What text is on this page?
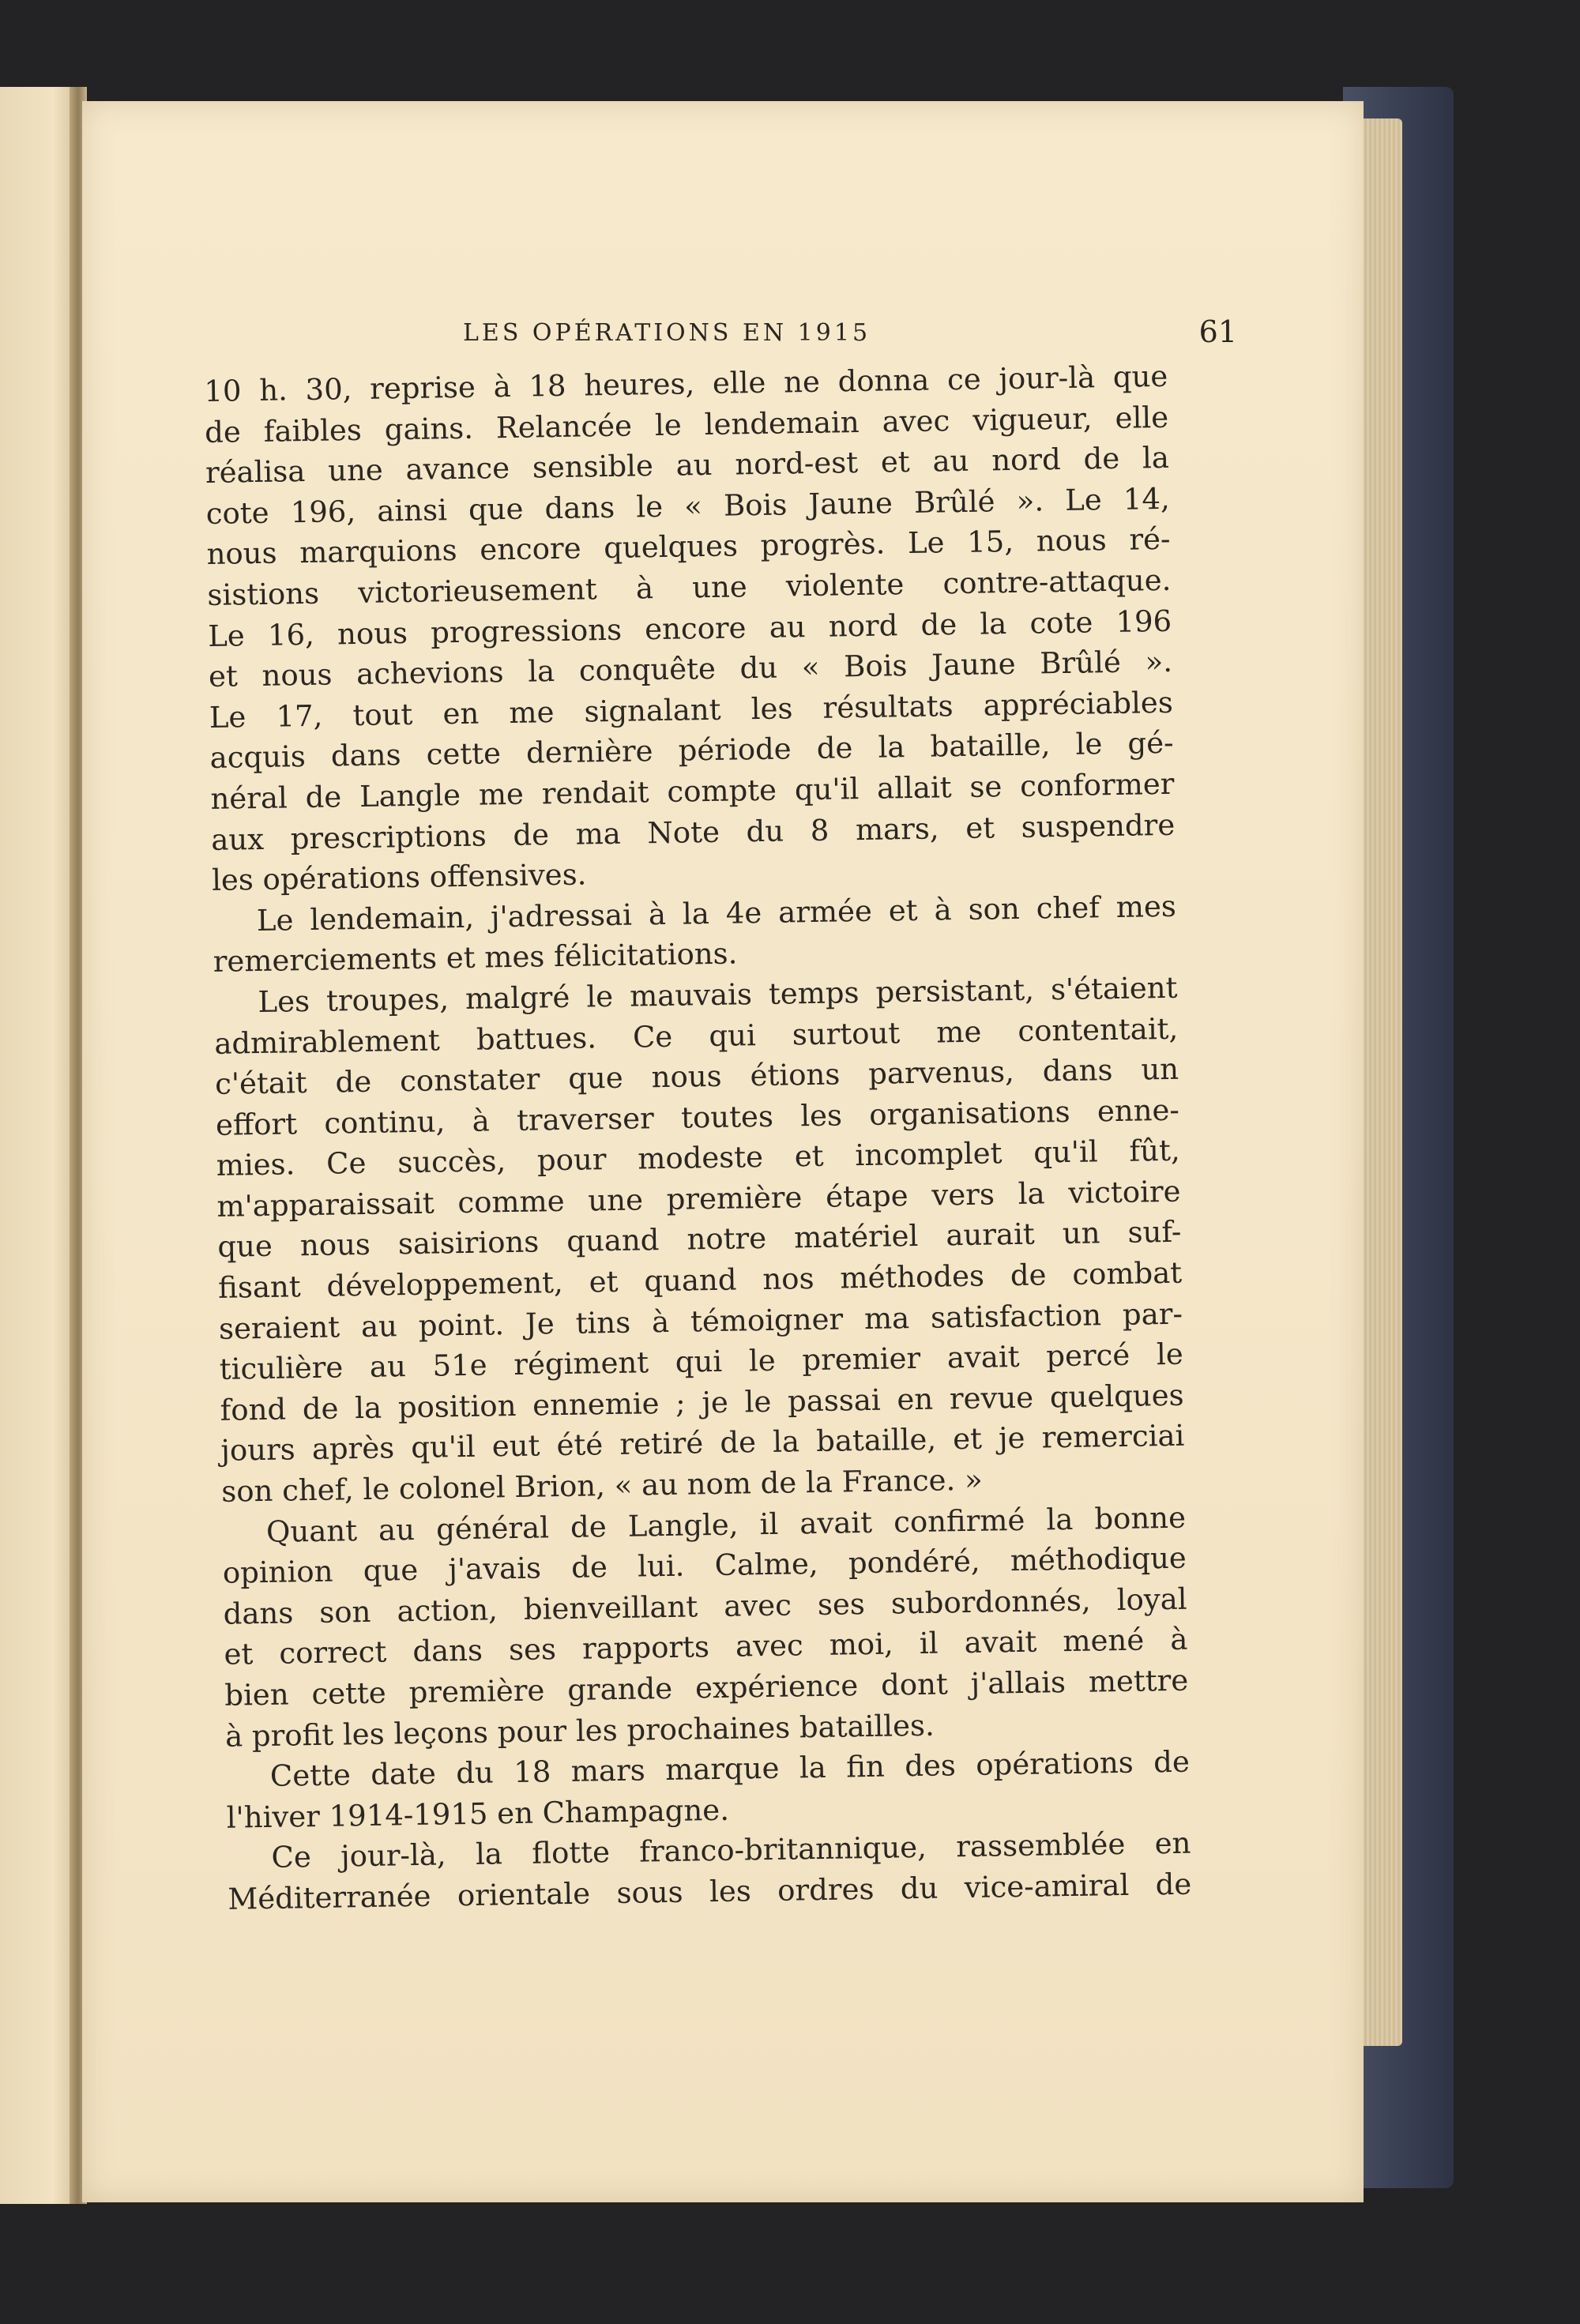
LES OPÉRATIONS EN 1915	61
10 h. 30, reprise à 18 heures, elle ne donna ce jour-là que
de faibles gains. Relancée le lendemain avec vigueur, elle
réalisa une avance sensible au nord-est et au nord de la
cote 196, ainsi que dans le « Bois Jaune Brûlé ». Le 14,
nous marquions encore quelques progrès. Le 15, nous ré-
sistions victorieusement à une violente contre-attaque.
Le 16, nous progressions encore au nord de la cote 196
et nous achevions la conquête du « Bois Jaune Brûlé ».
Le 17, tout en me signalant les résultats appréciables
acquis dans cette dernière période de la bataille, le gé-
néral de Langle me rendait compte qu'il allait se conformer
aux prescriptions de ma Note du 8 mars, et suspendre
les opérations offensives.
Le lendemain, j'adressai à la 4e armée et à son chef mes
remerciements et mes félicitations.
Les troupes, malgré le mauvais temps persistant, s'étaient
admirablement battues. Ce qui surtout me contentait,
c'était de constater que nous étions parvenus, dans un
effort continu, à traverser toutes les organisations enne-
mies. Ce succès, pour modeste et incomplet qu'il fût,
m'apparaissait comme une première étape vers la victoire
que nous saisirions quand notre matériel aurait un suf-
fisant développement, et quand nos méthodes de combat
seraient au point. Je tins à témoigner ma satisfaction par-
ticulière au 51e régiment qui le premier avait percé le
fond de la position ennemie ; je le passai en revue quelques
jours après qu'il eut été retiré de la bataille, et je remerciai
son chef, le colonel Brion, « au nom de la France. »
Quant au général de Langle, il avait confirmé la bonne
opinion que j'avais de lui. Calme, pondéré, méthodique
dans son action, bienveillant avec ses subordonnés, loyal
et correct dans ses rapports avec moi, il avait mené à
bien cette première grande expérience dont j'allais mettre
à profit les leçons pour les prochaines batailles.
Cette date du 18 mars marque la fin des opérations de
l'hiver 1914-1915 en Champagne.
Ce jour-là, la flotte franco-britannique, rassemblée en
Méditerranée orientale sous les ordres du vice-amiral de
